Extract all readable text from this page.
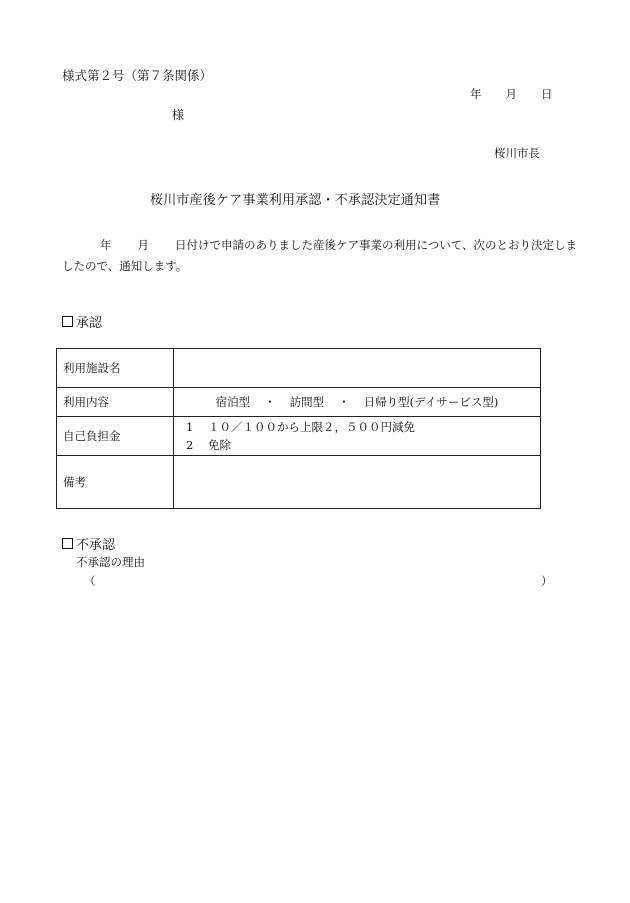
様式第２号（第７条関係）
年 月 日
様
桜川市長
桜川市産後ケア事業利用承認・不承認決定通知書
年 月 日付けで申請のありました産後ケア事業の利用について、次のとおり決定しましたので、通知します。
承認
利用施設名	
利用内容	宿泊型 ・ 訪問型 ・ 日帰り型(デイサービス型)
自己負担金	1 １０／１００から上限２，５００円減免
2 免除

備考	
不承認
不承認の理由
（	）
